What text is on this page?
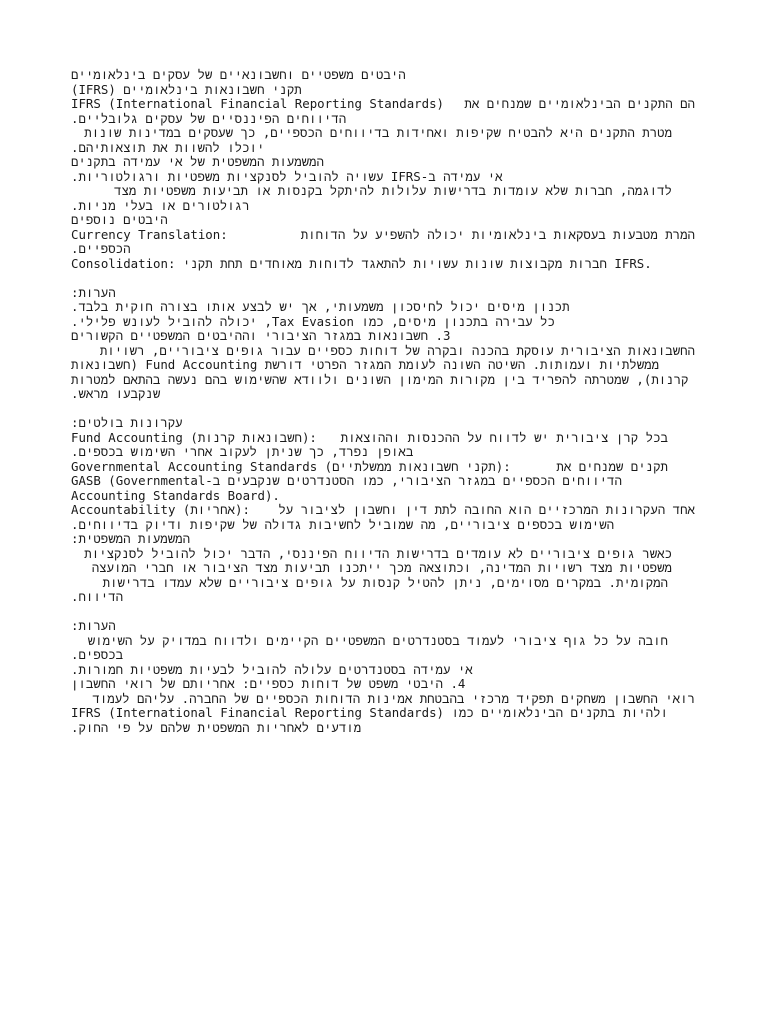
היבטים משפטיים וחשבונאיים של עסקים בינלאומיים
תקני חשבונאות בינלאומיים (IFRS)
IFRS (International Financial Reporting Standards) הם התקנים הבינלאומיים שמנחים את
הדיווחים הפיננסיים של עסקים גלובליים.
מטרת התקנים היא להבטיח שקיפות ואחידות בדיווחים הכספיים, כך שעסקים במדינות שונות
יוכלו להשוות את תוצאותיהם.
המשמעות המשפטית של אי עמידה בתקנים
אי עמידה ב-IFRS עשויה להוביל לסנקציות משפטיות ורגולטוריות.
לדוגמה, חברות שלא עומדות בדרישות עלולות להיתקל בקנסות או תביעות משפטיות מצד
רגולטורים או בעלי מניות.
היבטים נוספים
Currency Translation:	המרת מטבעות בעסקאות בינלאומיות יכולה להשפיע על הדוחות
הכספיים.
Consolidation: חברות מקבוצות שונות עשויות להתאגד לדוחות מאוחדים תחת תקני IFRS.
הערות:
תכנון מיסים יכול לחיסכון משמעותי, אך יש לבצע אותו בצורה חוקית בלבד.
כל עבירה בתכנון מיסים, כמו Tax Evasion, יכולה להוביל לעונש פלילי.
3. חשבונאות במגזר הציבורי וההיבטים המשפטיים הקשורים
החשבונאות הציבורית עוסקת בהכנה ובקרה של דוחות כספיים עבור גופים ציבוריים, רשויות
ממשלתיות ועמותות. השיטה השונה לעומת המגזר הפרטי דורשת Fund Accounting (חשבונאות
קרנות), שמטרתה להפריד בין מקורות המימון השונים ולוודא שהשימוש בהם נעשה בהתאם למטרות
שנקבעו מראש.
עקרונות בולטים:
Fund Accounting (חשבונאות קרנות): בכל קרן ציבורית יש לדווח על ההכנסות וההוצאות
באופן נפרד, כך שניתן לעקוב אחרי השימוש בכספים.
Governmental Accounting Standards (תקני חשבונאות ממשלתיים):	תקנים שמנחים את
הדיווחים הכספיים במגזר הציבורי, כמו הסטנדרטים שנקבעים ב-GASB (Governmental
Accounting Standards Board).
Accountability (אחריות): אחד העקרונות המרכזיים הוא החובה לתת דין וחשבון לציבור על
השימוש בכספים ציבוריים, מה שמוביל לחשיבות גדולה של שקיפות ודיוק בדיווחים.
המשמעות המשפטית:
כאשר גופים ציבוריים לא עומדים בדרישות הדיווח הפיננסי, הדבר יכול להוביל לסנקציות
משפטיות מצד רשויות המדינה, וכתוצאה מכך ייתכנו תביעות מצד הציבור או חברי המועצה
המקומית. במקרים מסוימים, ניתן להטיל קנסות על גופים ציבוריים שלא עמדו בדרישות
הדיווח.
הערות:
חובה על כל גוף ציבורי לעמוד בסטנדרטים המשפטיים הקיימים ולדווח במדויק על השימוש
בכספים.
אי עמידה בסטנדרטים עלולה להוביל לבעיות משפטיות חמורות.
4. היבטי משפט של דוחות כספיים: אחריותם של רואי החשבון
רואי החשבון משחקים תפקיד מרכזי בהבטחת אמינות הדוחות הכספיים של החברה. עליהם לעמוד
בתקנים הבינלאומיים כמו IFRS (International Financial Reporting Standards) ולהיות
מודעים לאחריות המשפטית שלהם על פי החוק.
